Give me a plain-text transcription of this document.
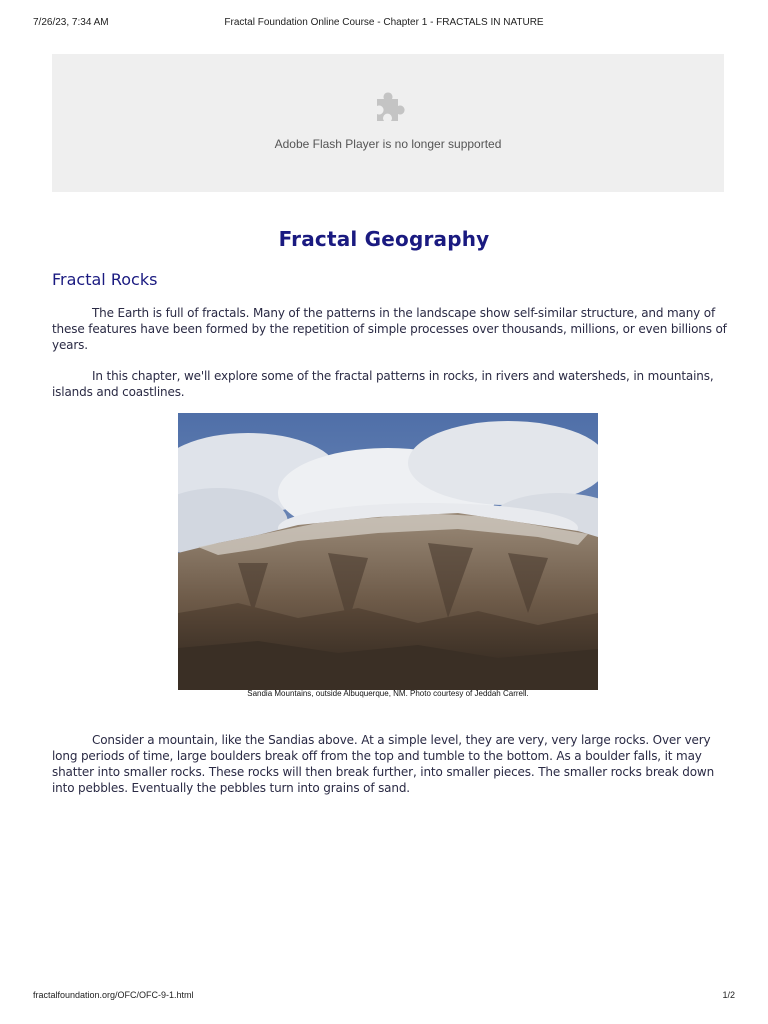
7/26/23, 7:34 AM	Fractal Foundation Online Course - Chapter 1 - FRACTALS IN NATURE
Adobe Flash Player is no longer supported
Fractal Geography
Fractal Rocks

The Earth is full of fractals. Many of the patterns in the landscape show self-similar structure, and many of these features have been formed by the repetition of simple processes over thousands, millions, or even billions of years.

In this chapter, we'll explore some of the fractal patterns in rocks, in rivers and watersheds, in mountains, islands and coastlines.

Sandia Mountains, outside Albuquerque, NM. Photo courtesy of Jeddah Carrell.

Consider a mountain, like the Sandias above. At a simple level, they are very, very large rocks. Over very long periods of time, large boulders break off from the top and tumble to the bottom. As a boulder falls, it may shatter into smaller rocks. These rocks will then break further, into smaller pieces. The smaller rocks break down into pebbles. Eventually the pebbles turn into grains of sand.

fractalfoundation.org/OFC/OFC-9-1.html	1/2
